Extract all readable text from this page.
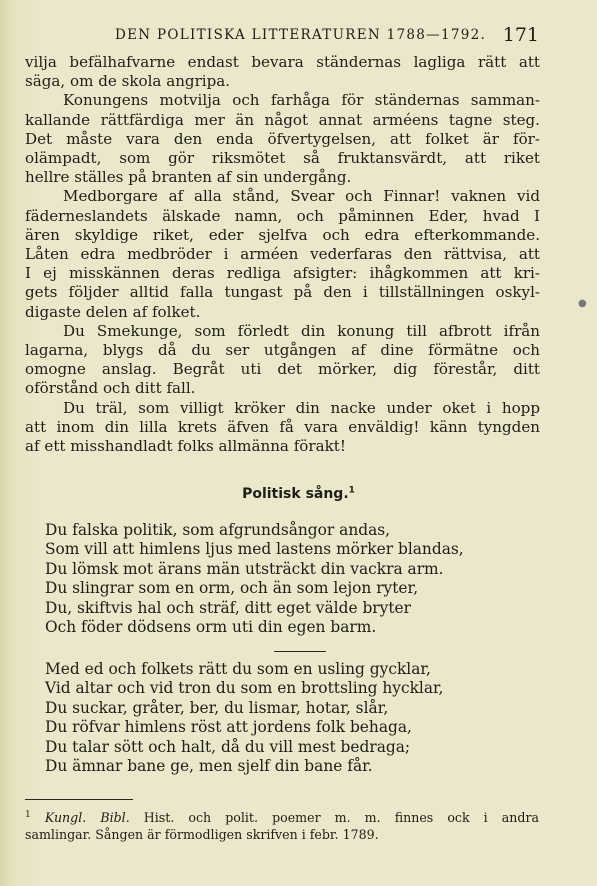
DEN POLITISKA LITTERATUREN 1788—1792. 171
vilja befälhafvarne endast bevara ständernas lagliga rätt att
säga, om de skola angripa.
Konungens motvilja och farhåga för ständernas samman-
kallande rättfärdiga mer än något annat arméens tagne steg.
Det måste vara den enda öfvertygelsen, att folket är för-
olämpadt, som gör riksmötet så fruktansvärdt, att riket
hellre ställes på branten af sin undergång.
Medborgare af alla stånd, Svear och Finnar! vaknen vid
fäderneslandets älskade namn, och påminnen Eder, hvad I
ären skyldige riket, eder sjelfva och edra efterkommande.
Låten edra medbröder i arméen vederfaras den rättvisa, att
I ej misskännen deras redliga afsigter: ihågkommen att kri-
gets följder alltid falla tungast på den i tillställningen oskyl-
digaste delen af folket.
Du Smekunge, som förledt din konung till afbrott ifrån
lagarna, blygs då du ser utgången af dine förmätne och
omogne anslag. Begråt uti det mörker, dig förestår, ditt
oförstånd och ditt fall.
Du träl, som villigt kröker din nacke under oket i hopp
att inom din lilla krets äfven få vara enväldig! känn tyngden
af ett misshandladt folks allmänna förakt!
Politisk sång.$^1$
Du falska politik, som afgrundsångor andas,
Som vill att himlens ljus med lastens mörker blandas,
Du lömsk mot ärans män utsträckt din vackra arm.
Du slingrar som en orm, och än som lejon ryter,
Du, skiftvis hal och sträf, ditt eget välde bryter
Och föder dödsens orm uti din egen barm.
Med ed och folkets rätt du som en usling gycklar,
Vid altar och vid tron du som en brottsling hycklar,
Du suckar, gråter, ber, du lismar, hotar, slår,
Du röfvar himlens röst att jordens folk behaga,
Du talar sött och halt, då du vill mest bedraga;
Du ämnar bane ge, men sjelf din bane får.
$^1$ Kungl. Bibl. Hist. och polit. poemer m. m. finnes ock i andra
samlingar. Sången är förmodligen skrifven i febr. 1789.
●
